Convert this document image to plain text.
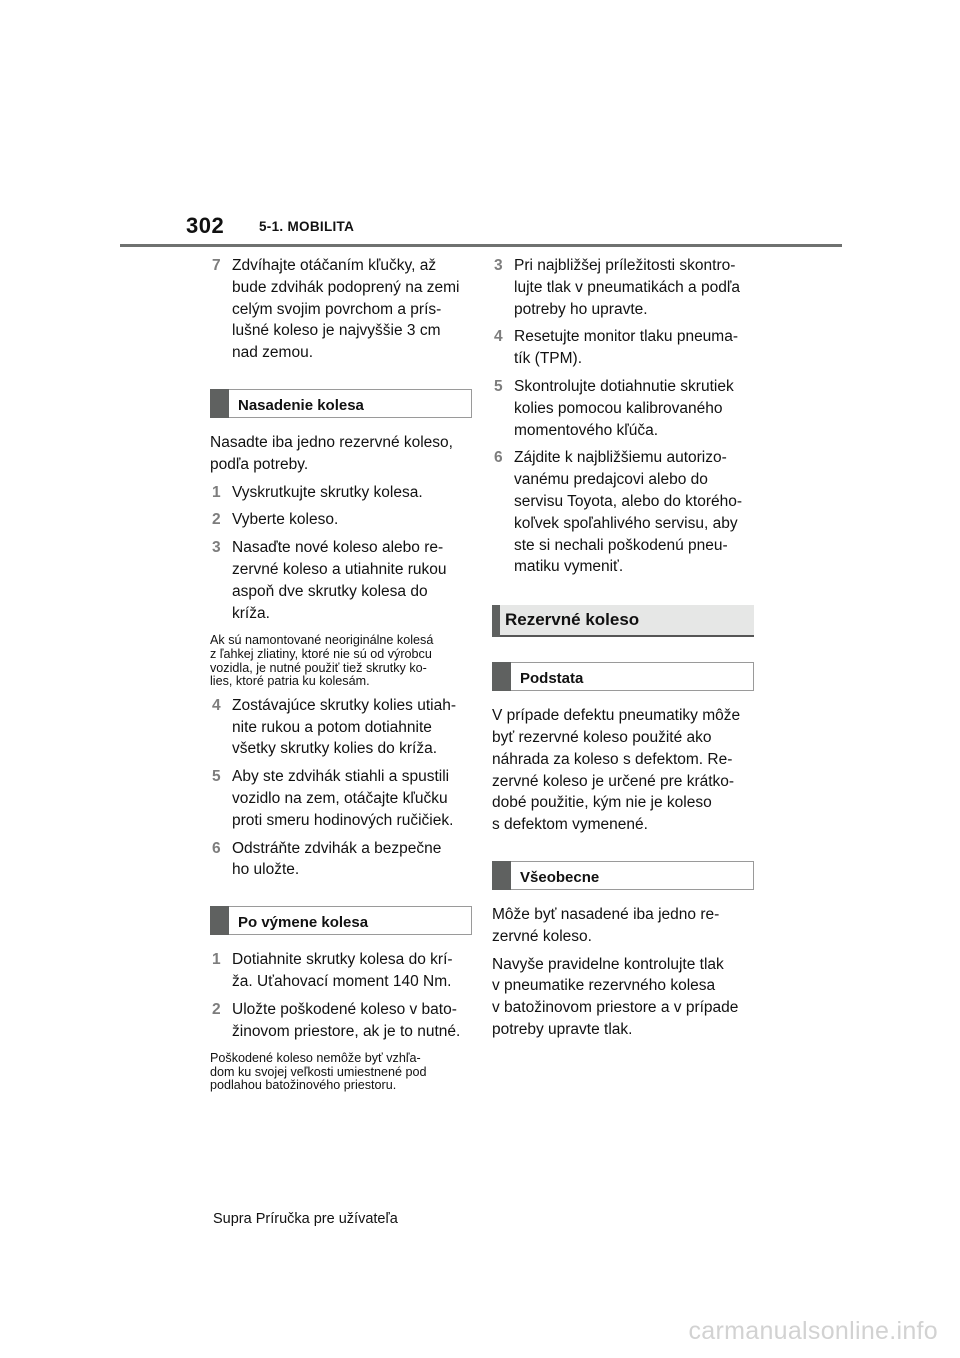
302	5-1. MOBILITA
7 Zdvíhajte otáčaním kľučky, až
bude zdvihák podoprený na zemi
celým svojim povrchom a prís-
lušné koleso je najvyššie 3 cm
nad zemou.
Nasadenie kolesa
Nasadte iba jedno rezervné koleso,
podľa potreby.
1 Vyskrutkujte skrutky kolesa.
2 Vyberte koleso.
3 Nasaďte nové koleso alebo re-
zervné koleso a utiahnite rukou
aspoň dve skrutky kolesa do
kríža.
Ak sú namontované neoriginálne kolesá
z ľahkej zliatiny, ktoré nie sú od výrobcu
vozidla, je nutné použiť tiež skrutky ko-
lies, ktoré patria ku kolesám.
4 Zostávajúce skrutky kolies utiah-
nite rukou a potom dotiahnite
všetky skrutky kolies do kríža.
5 Aby ste zdvihák stiahli a spustili
vozidlo na zem, otáčajte kľučku
proti smeru hodinových ručičiek.
6 Odstráňte zdvihák a bezpečne
ho uložte.
Po výmene kolesa
1 Dotiahnite skrutky kolesa do krí-
ža. Uťahovací moment 140 Nm.
2 Uložte poškodené koleso v bato-
žinovom priestore, ak je to nutné.
Poškodené koleso nemôže byť vzhľa-
dom ku svojej veľkosti umiestnené pod
podlahou batožinového priestoru.
3 Pri najbližšej príležitosti skontro-
lujte tlak v pneumatikách a podľa
potreby ho upravte.
4 Resetujte monitor tlaku pneuma-
tík (TPM).
5 Skontrolujte dotiahnutie skrutiek
kolies pomocou kalibrovaného
momentového kľúča.
6 Zájdite k najbližšiemu autorizo-
vanému predajcovi alebo do
servisu Toyota, alebo do ktorého-
koľvek spoľahlivého servisu, aby
ste si nechali poškodenú pneu-
matiku vymeniť.
Rezervné koleso
Podstata
V prípade defektu pneumatiky môže
byť rezervné koleso použité ako
náhrada za koleso s defektom. Re-
zervné koleso je určené pre krátko-
dobé použitie, kým nie je koleso
s defektom vymenené.
Všeobecne
Môže byť nasadené iba jedno re-
zervné koleso.
Navyše pravidelne kontrolujte tlak
v pneumatike rezervného kolesa
v batožinovom priestore a v prípade
potreby upravte tlak.
Supra Príručka pre užívateľa
carmanualsonline.info
